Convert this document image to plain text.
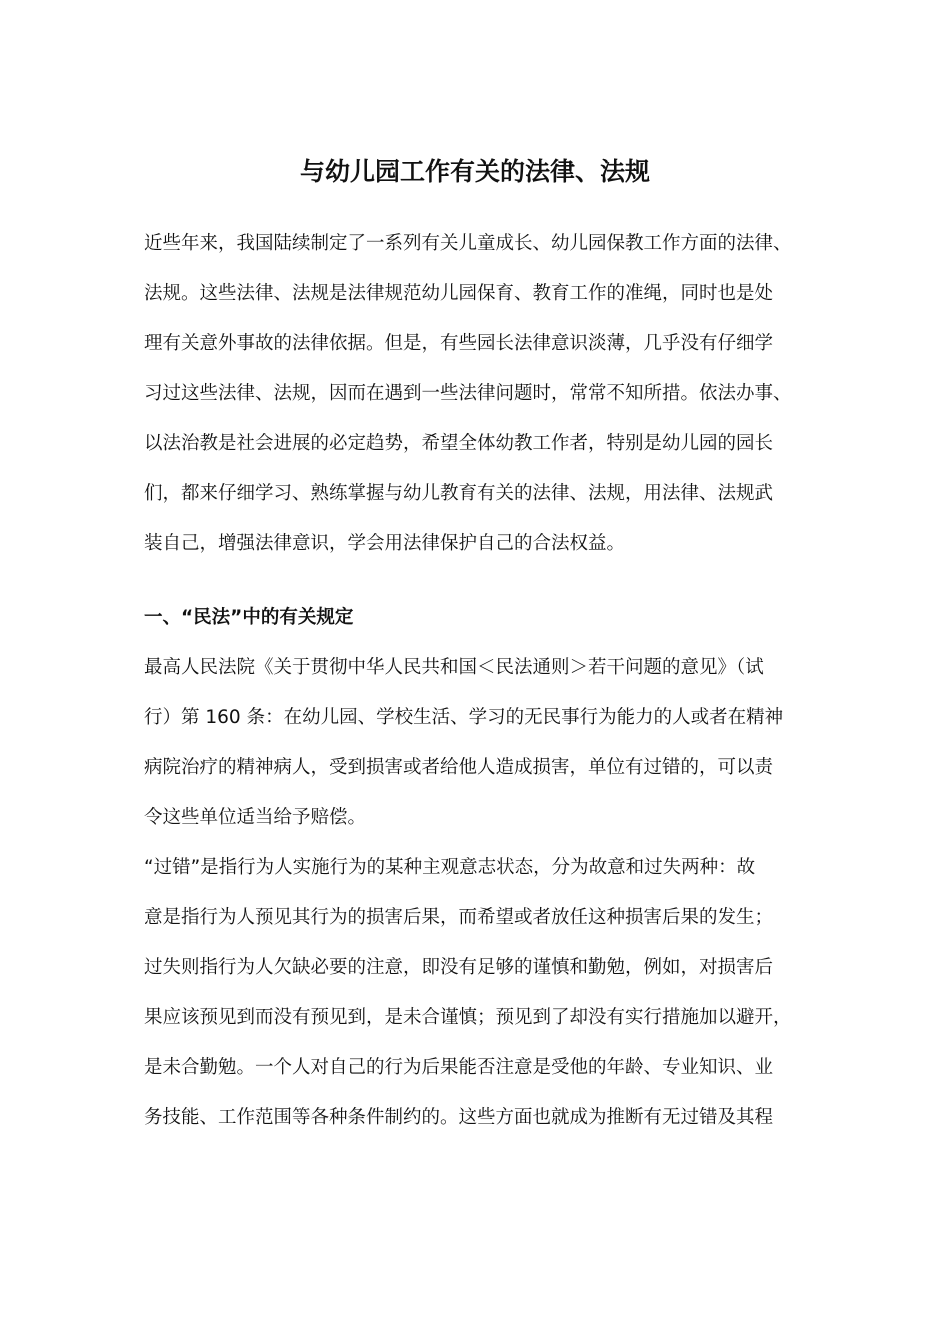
与幼儿园工作有关的法律、法规

近些年来，我国陆续制定了一系列有关儿童成长、幼儿园保教工作方面的法律、

法规。这些法律、法规是法律规范幼儿园保育、教育工作的准绳，同时也是处

理有关意外事故的法律依据。但是，有些园长法律意识淡薄，几乎没有仔细学

习过这些法律、法规，因而在遇到一些法律问题时，常常不知所措。依法办事、

以法治教是社会进展的必定趋势，希望全体幼教工作者，特别是幼儿园的园长

们，都来仔细学习、熟练掌握与幼儿教育有关的法律、法规，用法律、法规武

装自己，增强法律意识，学会用法律保护自己的合法权益。

一、“民法”中的有关规定

最高人民法院《关于贯彻中华人民共和国＜民法通则＞若干问题的意见》（试

行）第 160 条：在幼儿园、学校生活、学习的无民事行为能力的人或者在精神

病院治疗的精神病人，受到损害或者给他人造成损害，单位有过错的，可以责

令这些单位适当给予赔偿。

“过错”是指行为人实施行为的某种主观意志状态，分为故意和过失两种：故

意是指行为人预见其行为的损害后果，而希望或者放任这种损害后果的发生；

过失则指行为人欠缺必要的注意，即没有足够的谨慎和勤勉，例如，对损害后

果应该预见到而没有预见到，是未合谨慎；预见到了却没有实行措施加以避开，

是未合勤勉。一个人对自己的行为后果能否注意是受他的年龄、专业知识、业

务技能、工作范围等各种条件制约的。这些方面也就成为推断有无过错及其程
